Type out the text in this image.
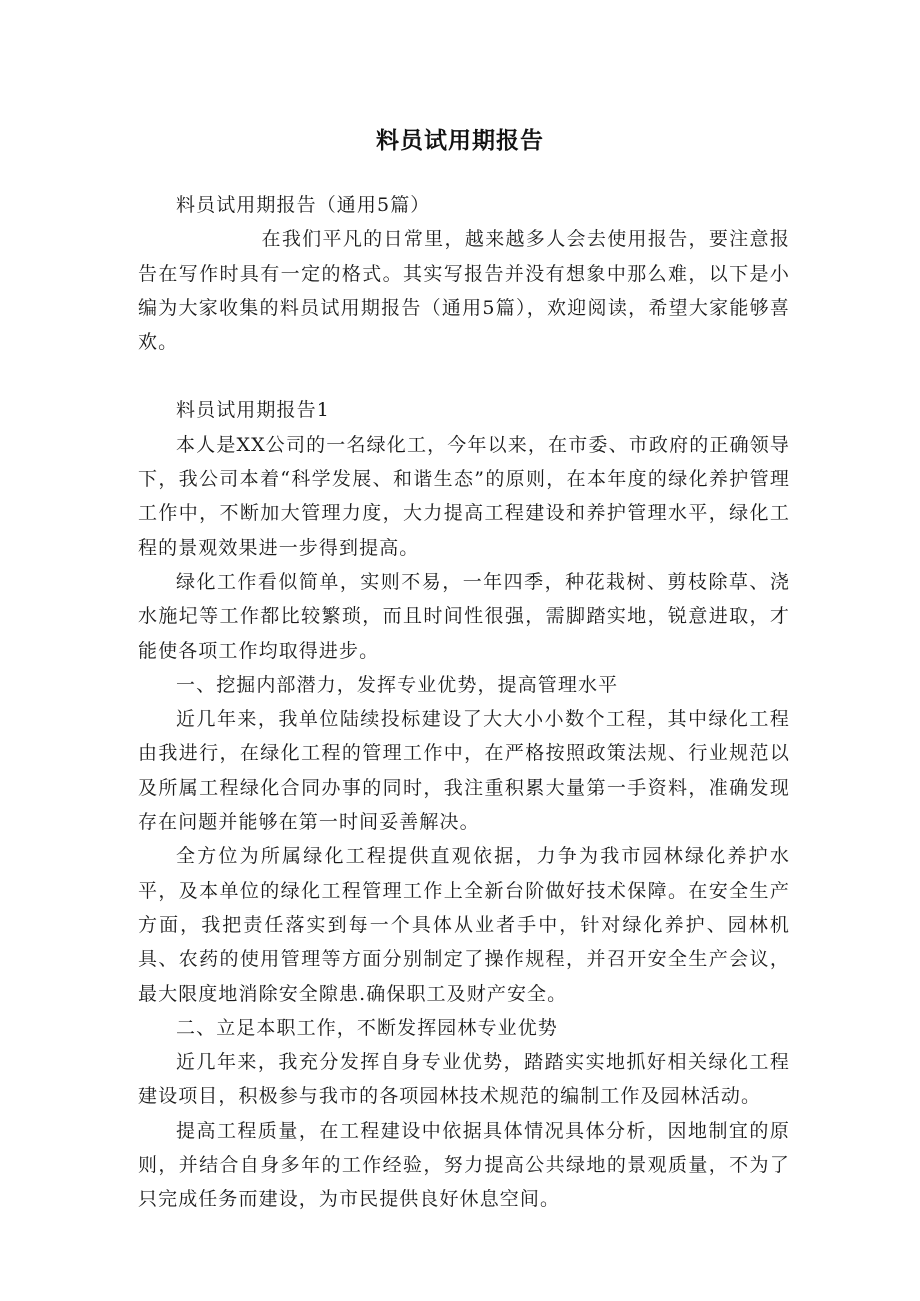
料员试用期报告

料员试用期报告（通用5篇）

在我们平凡的日常里，越来越多人会去使用报告，要注意报告在写作时具有一定的格式。其实写报告并没有想象中那么难，以下是小编为大家收集的料员试用期报告（通用5篇），欢迎阅读，希望大家能够喜欢。

料员试用期报告1

本人是XX公司的一名绿化工，今年以来，在市委、市政府的正确领导下，我公司本着“科学发展、和谐生态”的原则，在本年度的绿化养护管理工作中，不断加大管理力度，大力提高工程建设和养护管理水平，绿化工程的景观效果进一步得到提高。

绿化工作看似简单，实则不易，一年四季，种花栽树、剪枝除草、浇水施圮等工作都比较繁琐，而且时间性很强，需脚踏实地，锐意进取，才能使各项工作均取得进步。

一、挖掘内部潜力，发挥专业优势，提高管理水平

近几年来，我单位陆续投标建设了大大小小数个工程，其中绿化工程由我进行，在绿化工程的管理工作中，在严格按照政策法规、行业规范以及所属工程绿化合同办事的同时，我注重积累大量第一手资料，准确发现存在问题并能够在第一时间妥善解决。

全方位为所属绿化工程提供直观依据，力争为我市园林绿化养护水平，及本单位的绿化工程管理工作上全新台阶做好技术保障。在安全生产方面，我把责任落实到每一个具体从业者手中，针对绿化养护、园林机具、农药的使用管理等方面分别制定了操作规程，并召开安全生产会议，最大限度地消除安全隙患.确保职工及财产安全。

二、立足本职工作，不断发挥园林专业优势

近几年来，我充分发挥自身专业优势，踏踏实实地抓好相关绿化工程建设项目，积极参与我市的各项园林技术规范的编制工作及园林活动。

提高工程质量，在工程建设中依据具体情况具体分析，因地制宜的原则，并结合自身多年的工作经验，努力提高公共绿地的景观质量，不为了只完成任务而建设，为市民提供良好休息空间。
